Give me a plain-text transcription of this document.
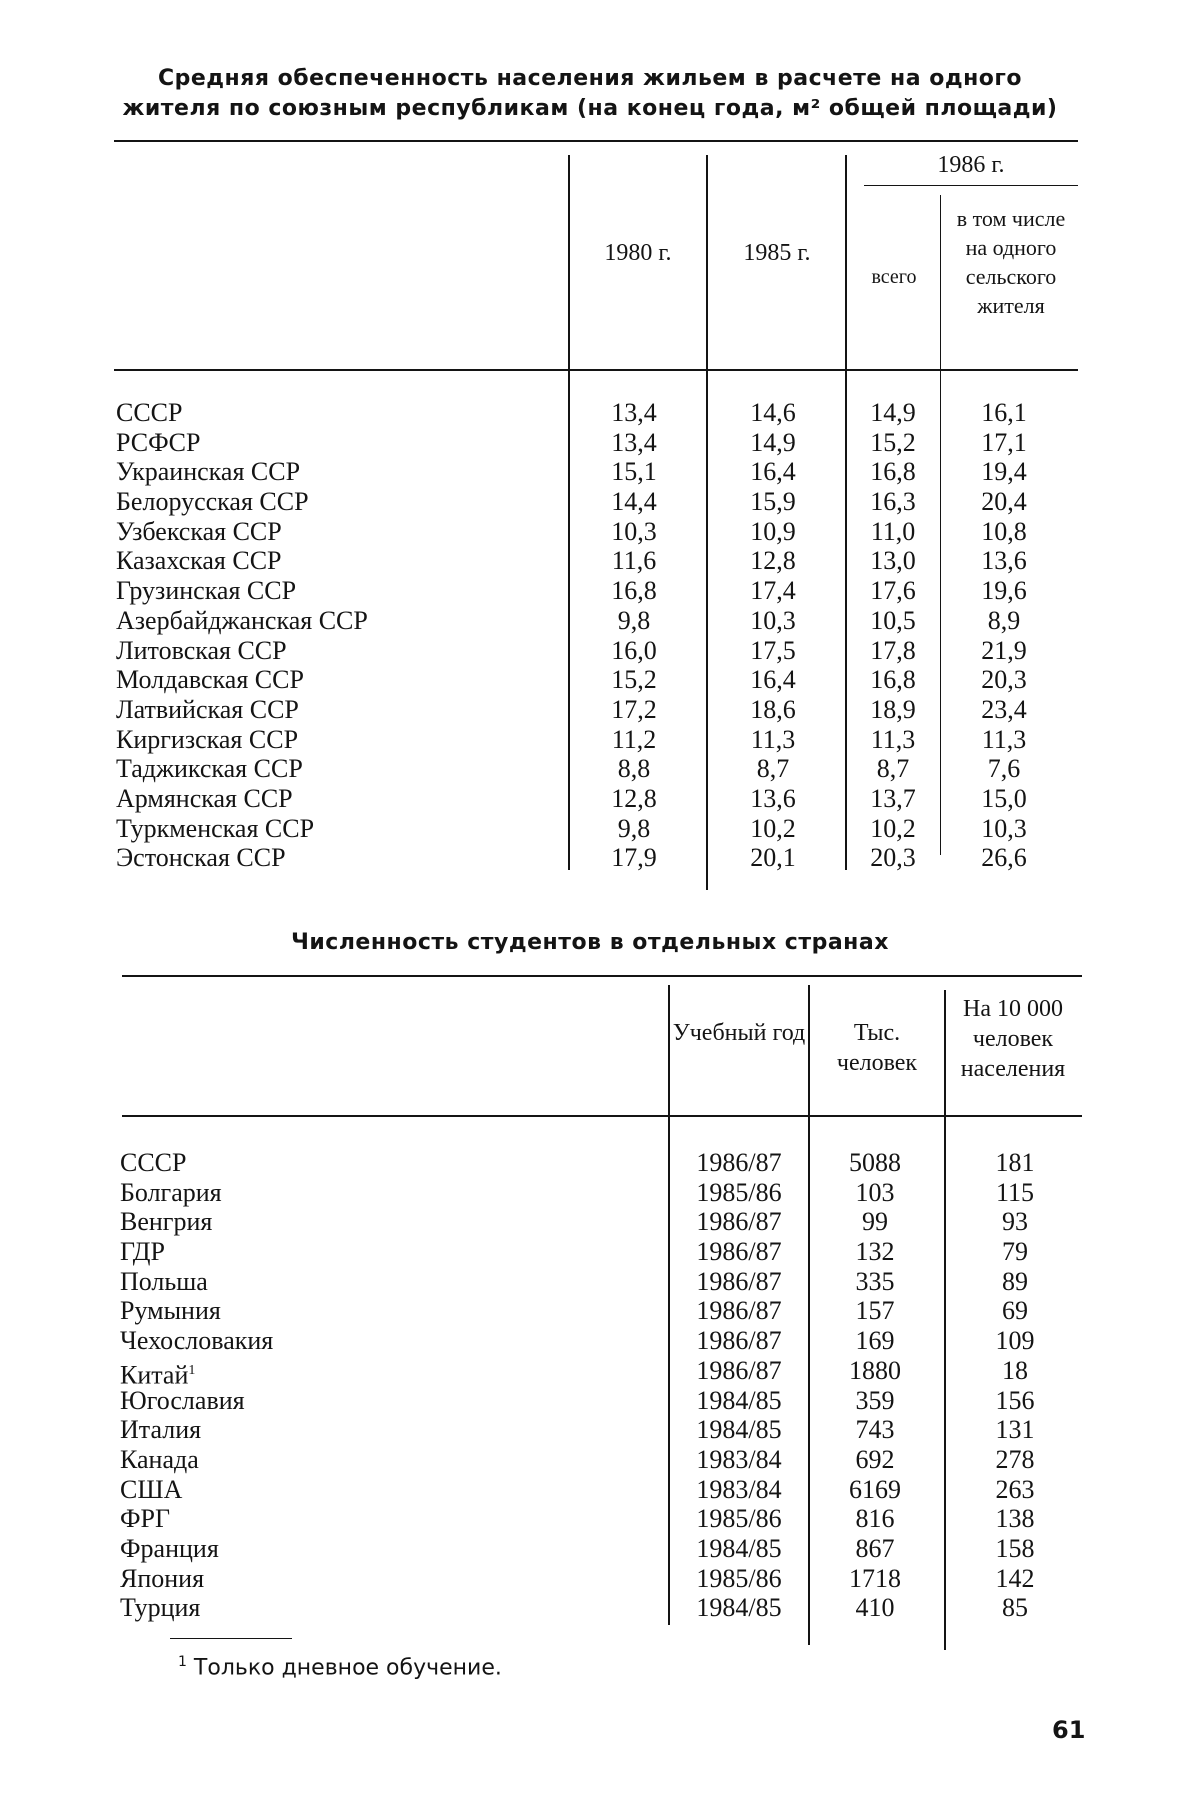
Средняя обеспеченность населения жильем в расчете на одного
жителя по союзным республикам (на конец года, м² общей площади)
1980 г.	1985 г.
1986 г.
всего
в том числе на одного сельского жителя
СССР
РСФСР
Украинская ССР
Белорусская ССР
Узбекская ССР
Казахская ССР
Грузинская ССР
Азербайджанская ССР
Литовская ССР
Молдавская ССР
Латвийская ССР
Киргизская ССР
Таджикская ССР
Армянская ССР
Туркменская ССР
Эстонская ССР
13,4
13,4
15,1
14,4
10,3
11,6
16,8
9,8
16,0
15,2
17,2
11,2
8,8
12,8
9,8
17,9
14,6
14,9
16,4
15,9
10,9
12,8
17,4
10,3
17,5
16,4
18,6
11,3
8,7
13,6
10,2
20,1
14,9
15,2
16,8
16,3
11,0
13,0
17,6
10,5
17,8
16,8
18,9
11,3
8,7
13,7
10,2
20,3
16,1
17,1
19,4
20,4
10,8
13,6
19,6
8,9
21,9
20,3
23,4
11,3
7,6
15,0
10,3
26,6
Численность студентов в отдельных странах
Учебный год	Тыс. человек
На 10 000 человек населения
СССР
Болгария
Венгрия
ГДР
Польша
Румыния
Чехословакия
Китай$^1$
Югославия
Италия
Канада
США
ФРГ
Франция
Япония
Турция
1986/87
1985/86
1986/87
1986/87
1986/87
1986/87
1986/87
1986/87
1984/85
1984/85
1983/84
1983/84
1985/86
1984/85
1985/86
1984/85
5088
103
99
132
335
157
169
1880
359
743
692
6169
816
867
1718
410
181
115
93
79
89
69
109
18
156
131
278
263
138
158
142
85
$^1$ Только дневное обучение.
61
